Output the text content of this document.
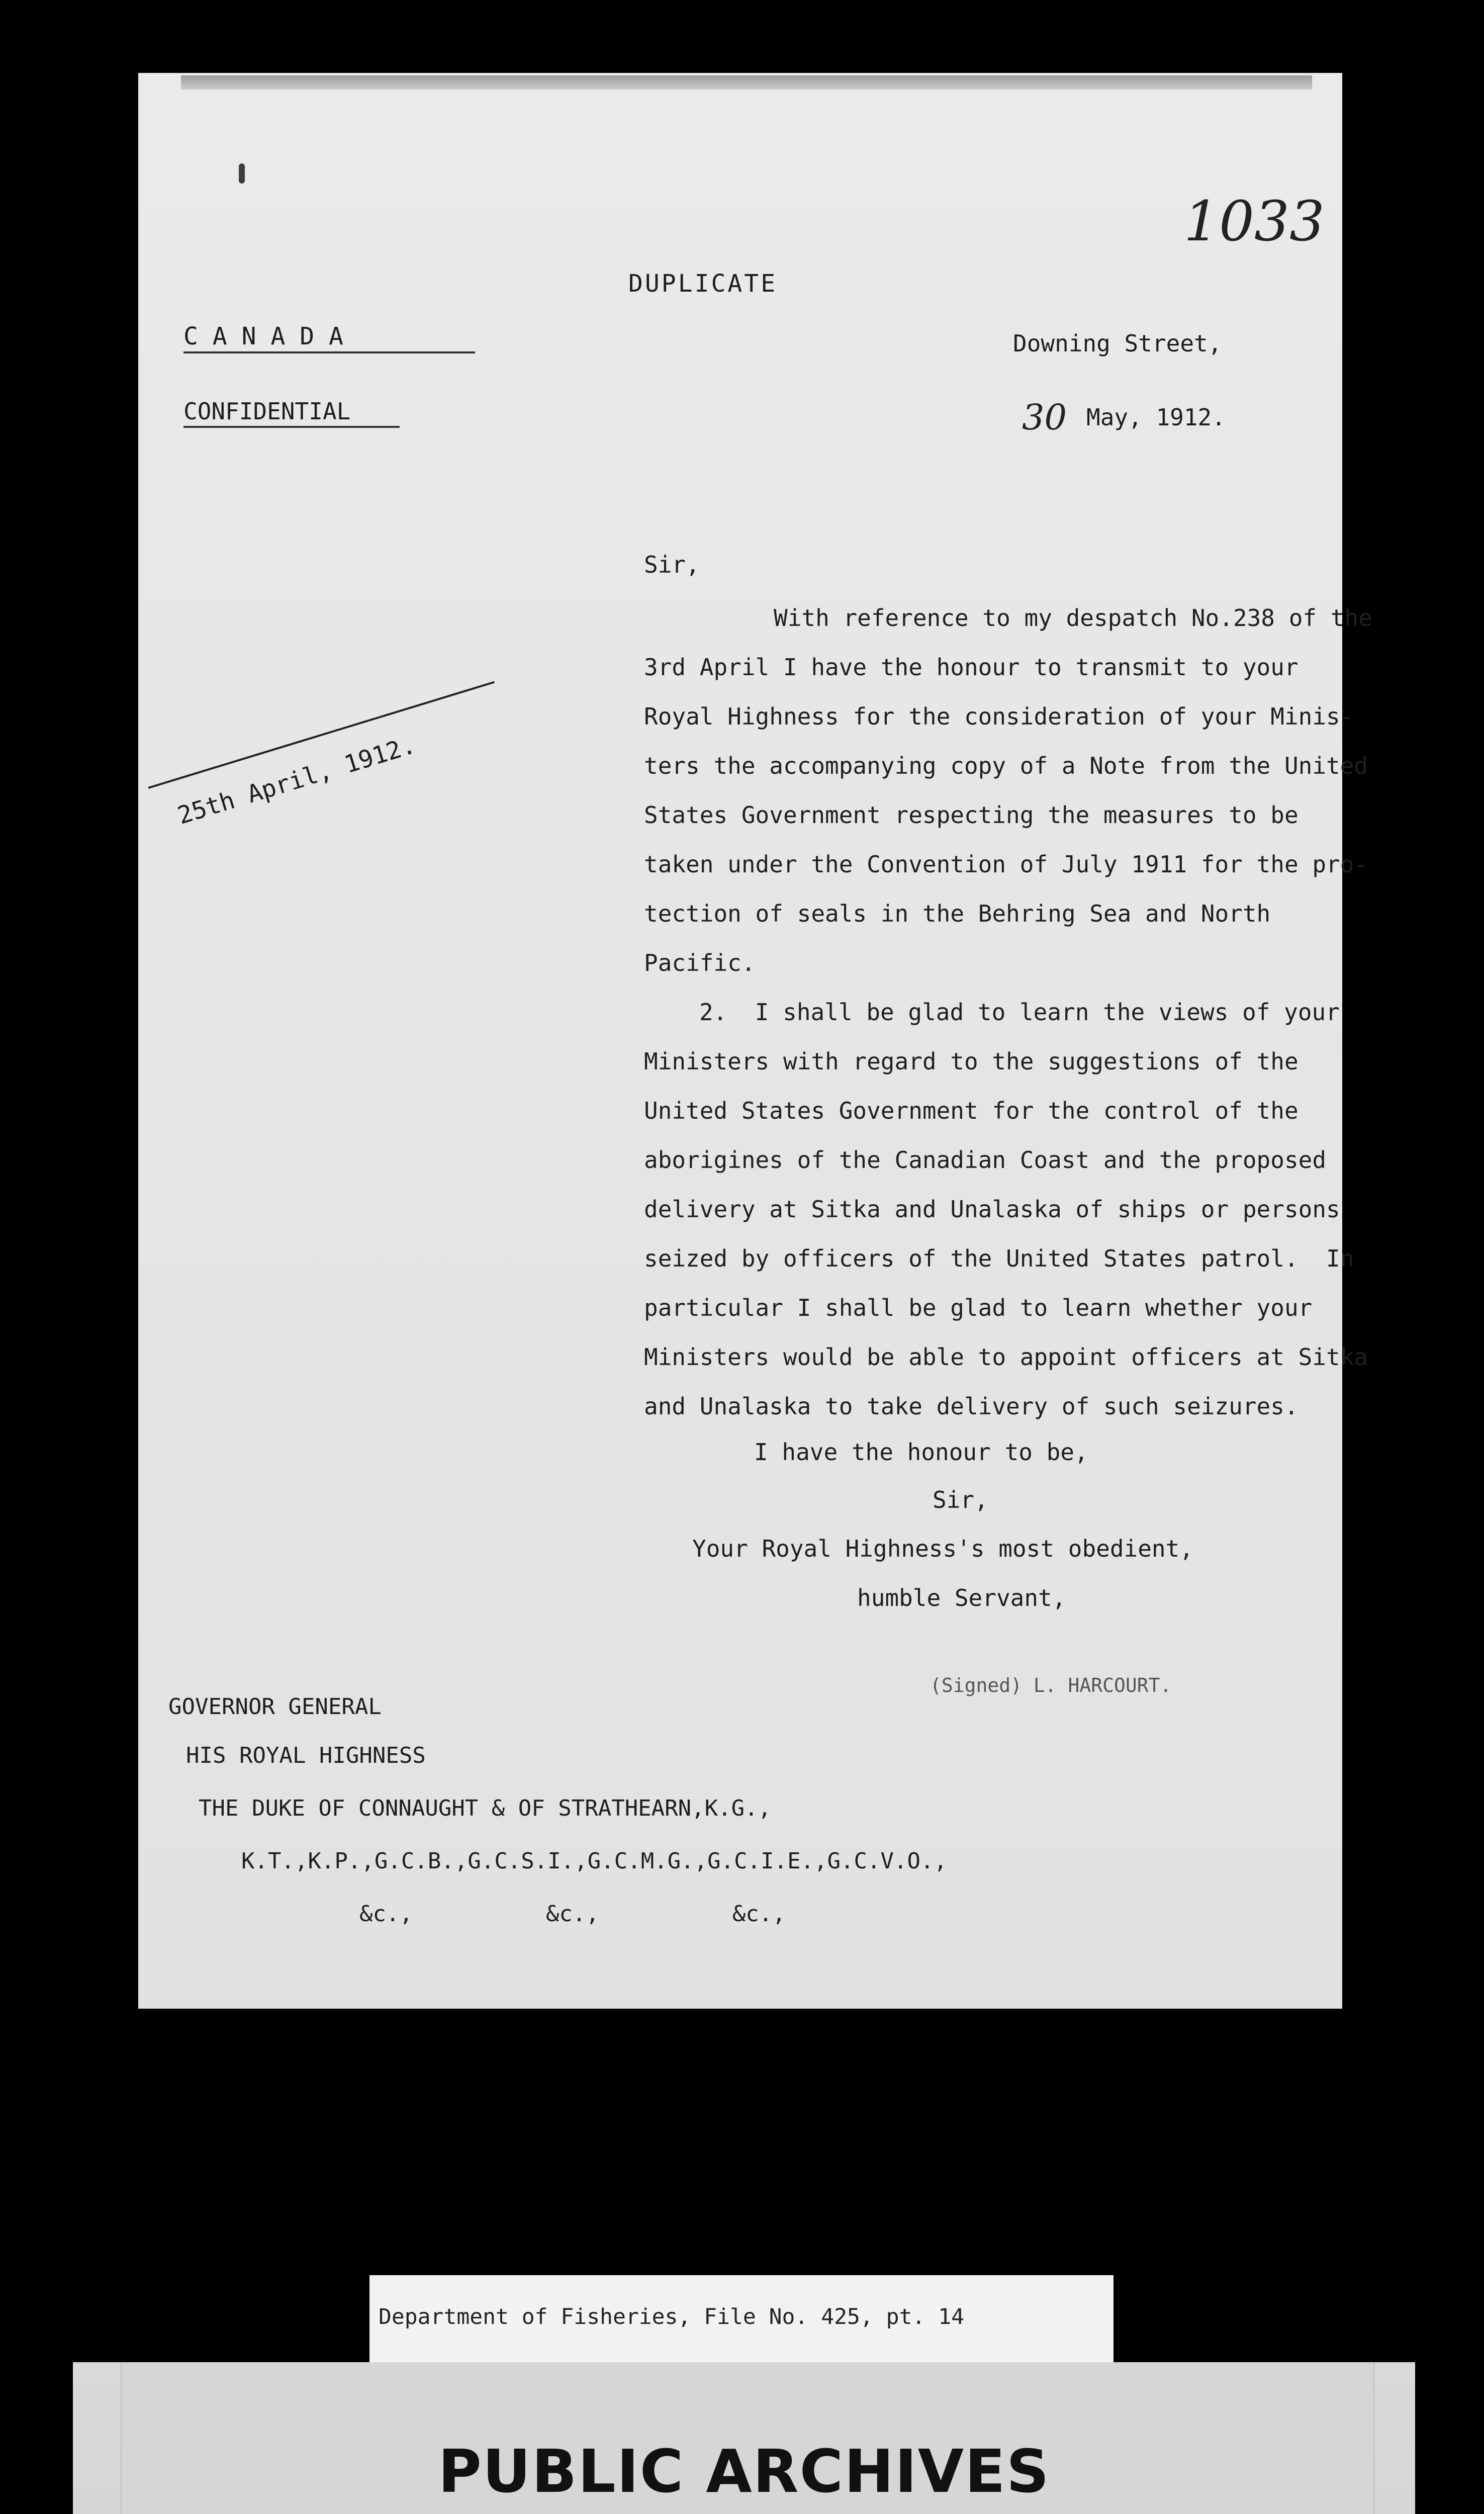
1033
DUPLICATE
C A N A D A
CONFIDENTIAL
Downing Street,
30 May, 1912.
25th April, 1912.
Sir,
With reference to my despatch No.238 of the
3rd April I have the honour to transmit to your
Royal Highness for the consideration of your Minis-
ters the accompanying copy of a Note from the United
States Government respecting the measures to be
taken under the Convention of July 1911 for the pro-
tection of seals in the Behring Sea and North
Pacific.
2.  I shall be glad to learn the views of your
Ministers with regard to the suggestions of the
United States Government for the control of the
aborigines of the Canadian Coast and the proposed
delivery at Sitka and Unalaska of ships or persons
seized by officers of the United States patrol.  In
particular I shall be glad to learn whether your
Ministers would be able to appoint officers at Sitka
and Unalaska to take delivery of such seizures.
I have the honour to be,
Sir,
Your Royal Highness's most obedient,
humble Servant,
(Signed) L. HARCOURT.
GOVERNOR GENERAL
HIS ROYAL HIGHNESS
THE DUKE OF CONNAUGHT & OF STRATHEARN,K.G.,
K.T.,K.P.,G.C.B.,G.C.S.I.,G.C.M.G.,G.C.I.E.,G.C.V.O.,
&c.,          &c.,          &c.,
Department of Fisheries, File No. 425, pt. 14
PUBLIC ARCHIVES
